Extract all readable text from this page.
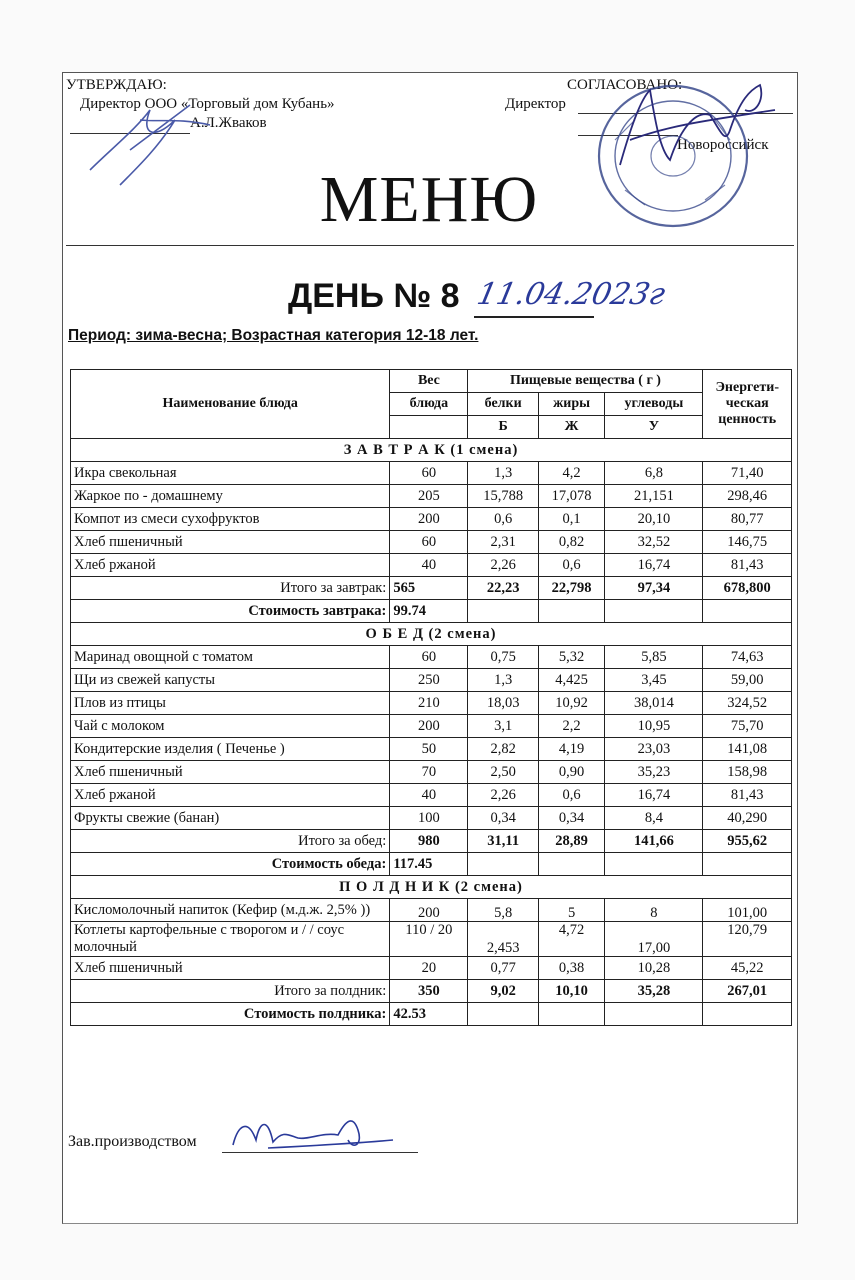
УТВЕРЖДАЮ:
Директор ООО «Торговый дом Кубань»
А.Л.Жваков
СОГЛАСОВАНО:
Директор
Новороссийск
МЕНЮ
ДЕНЬ № 8 11.04.2023г
Период: зима-весна; Возрастная категория 12-18 лет.
Наименование блюда	Вес	Пищевые вещества ( г )			Энергети-ческая ценность
	блюда	белки	жиры	углеводы	
		Б	Ж	У	
З А В Т Р А К (1 смена)					
Икра свекольная	60	1,3	4,2	6,8	71,40
Жаркое по - домашнему	205	15,788	17,078	21,151	298,46
Компот из смеси сухофруктов	200	0,6	0,1	20,10	80,77
Хлеб пшеничный	60	2,31	0,82	32,52	146,75
Хлеб ржаной	40	2,26	0,6	16,74	81,43
Итого за завтрак:	565	22,23	22,798	97,34	678,800
Стоимость завтрака:	99.74				
О Б Е Д (2 смена)					
Маринад овощной с томатом	60	0,75	5,32	5,85	74,63
Щи из свежей капусты	250	1,3	4,425	3,45	59,00
Плов из птицы	210	18,03	10,92	38,014	324,52
Чай с молоком	200	3,1	2,2	10,95	75,70
Кондитерские изделия ( Печенье )	50	2,82	4,19	23,03	141,08
Хлеб пшеничный	70	2,50	0,90	35,23	158,98
Хлеб ржаной	40	2,26	0,6	16,74	81,43
Фрукты свежие (банан)	100	0,34	0,34	8,4	40,290
Итого за обед:	980	31,11	28,89	141,66	955,62
Стоимость обеда:	117.45				
П О Л Д Н И К (2 смена)					
Кисломолочный напиток (Кефир (м.д.ж. 2,5% ))	200	5,8	5	8	101,00
Котлеты картофельные с творогом и / / соус молочный	110 / 20	2,453	4,72	17,00	120,79
Хлеб пшеничный	20	0,77	0,38	10,28	45,22
Итого за полдник:	350	9,02	10,10	35,28	267,01
Стоимость полдника:	42.53				
Зав.производством
